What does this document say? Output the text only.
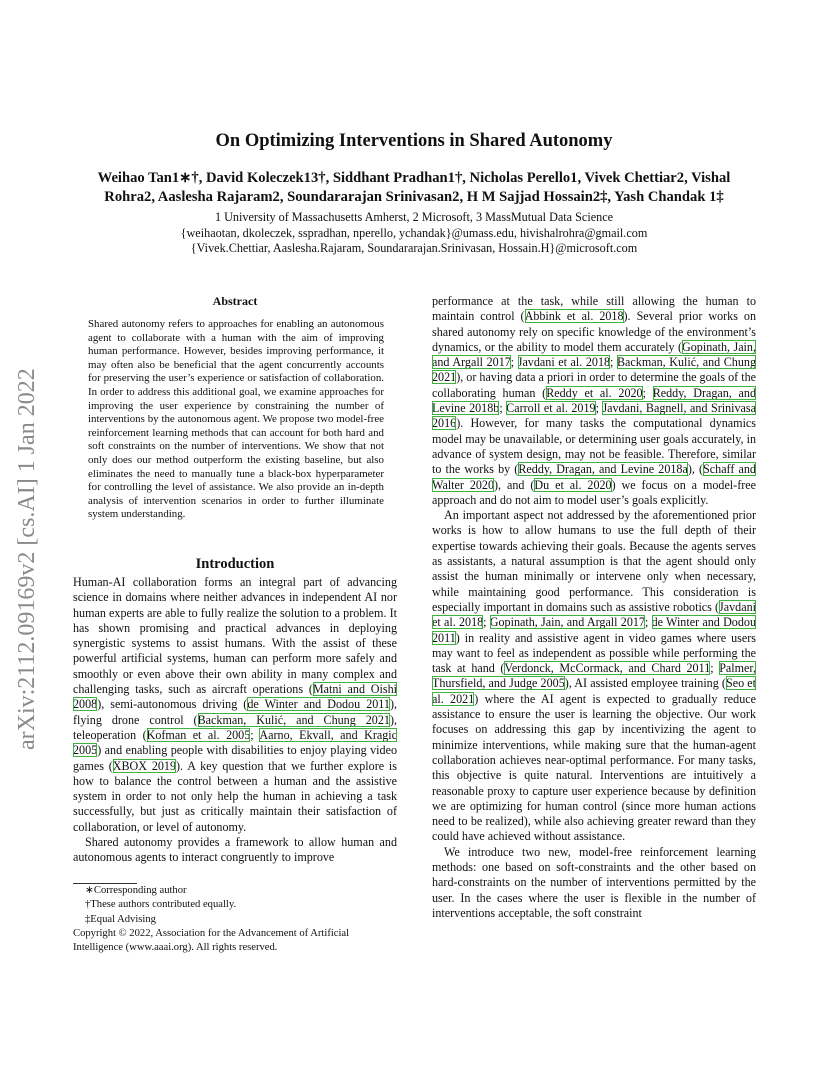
arXiv:2112.09169v2 [cs.AI] 1 Jan 2022
On Optimizing Interventions in Shared Autonomy
Weihao Tan1∗†, David Koleczek13†, Siddhant Pradhan1†, Nicholas Perello1, Vivek Chettiar2, Vishal
Rohra2, Aaslesha Rajaram2, Soundararajan Srinivasan2, H M Sajjad Hossain2‡, Yash Chandak 1‡
1 University of Massachusetts Amherst, 2 Microsoft, 3 MassMutual Data Science
{weihaotan, dkoleczek, sspradhan, nperello, ychandak}@umass.edu, hivishalrohra@gmail.com
{Vivek.Chettiar, Aaslesha.Rajaram, Soundararajan.Srinivasan, Hossain.H}@microsoft.com
Abstract
Shared autonomy refers to approaches for enabling an autonomous agent to collaborate with a human with the aim of improving human performance. However, besides improving performance, it may often also be beneficial that the agent concurrently accounts for preserving the user’s experience or satisfaction of collaboration. In order to address this additional goal, we examine approaches for improving the user experience by constraining the number of interventions by the autonomous agent. We propose two model-free reinforcement learning methods that can account for both hard and soft constraints on the number of interventions. We show that not only does our method outperform the existing baseline, but also eliminates the need to manually tune a black-box hyperparameter for controlling the level of assistance. We also provide an in-depth analysis of intervention scenarios in order to further illuminate system understanding.
Introduction

Human-AI collaboration forms an integral part of advancing science in domains where neither advances in independent AI nor human experts are able to fully realize the solution to a problem. It has shown promising and practical advances in deploying synergistic systems to assist humans. With the assist of these powerful artificial systems, human can perform more safely and smoothly or even above their own ability in many complex and challenging tasks, such as aircraft operations (Matni and Oishi 2008), semi-autonomous driving (de Winter and Dodou 2011), flying drone control (Backman, Kulić, and Chung 2021), teleoperation (Kofman et al. 2005; Aarno, Ekvall, and Kragic 2005) and enabling people with disabilities to enjoy playing video games (XBOX 2019). A key question that we further explore is how to balance the control between a human and the assistive system in order to not only help the human in achieving a task successfully, but just as critically maintain their satisfaction of collaboration, or level of autonomy.

Shared autonomy provides a framework to allow human and autonomous agents to interact congruently to improve

∗Corresponding author
†These authors contributed equally.
‡Equal Advising
Copyright © 2022, Association for the Advancement of Artificial Intelligence (www.aaai.org). All rights reserved.

performance at the task, while still allowing the human to maintain control (Abbink et al. 2018). Several prior works on shared autonomy rely on specific knowledge of the environment’s dynamics, or the ability to model them accurately (Gopinath, Jain, and Argall 2017; Javdani et al. 2018; Backman, Kulić, and Chung 2021), or having data a priori in order to determine the goals of the collaborating human (Reddy et al. 2020; Reddy, Dragan, and Levine 2018b; Carroll et al. 2019; Javdani, Bagnell, and Srinivasa 2016). However, for many tasks the computational dynamics model may be unavailable, or determining user goals accurately, in advance of system design, may not be feasible. Therefore, similar to the works by (Reddy, Dragan, and Levine 2018a), (Schaff and Walter 2020), and (Du et al. 2020) we focus on a model-free approach and do not aim to model user’s goals explicitly.

An important aspect not addressed by the aforementioned prior works is how to allow humans to use the full depth of their expertise towards achieving their goals. Because the agents serves as assistants, a natural assumption is that the agent should only assist the human minimally or intervene only when necessary, while maintaining good performance. This consideration is especially important in domains such as assistive robotics (Javdani et al. 2018; Gopinath, Jain, and Argall 2017; de Winter and Dodou 2011) in reality and assistive agent in video games where users may want to feel as independent as possible while performing the task at hand (Verdonck, McCormack, and Chard 2011; Palmer, Thursfield, and Judge 2005), AI assisted employee training (Seo et al. 2021) where the AI agent is expected to gradually reduce assistance to ensure the user is learning the objective. Our work focuses on addressing this gap by incentivizing the agent to minimize interventions, while making sure that the human-agent collaboration achieves near-optimal performance. For many tasks, this objective is quite natural. Interventions are intuitively a reasonable proxy to capture user experience because by definition we are optimizing for human control (since more human actions need to be realized), while also achieving greater reward than they could have achieved without assistance.

We introduce two new, model-free reinforcement learning methods: one based on soft-constraints and the other based on hard-constraints on the number of interventions permitted by the user. In the cases where the user is flexible in the number of interventions acceptable, the soft constraint
